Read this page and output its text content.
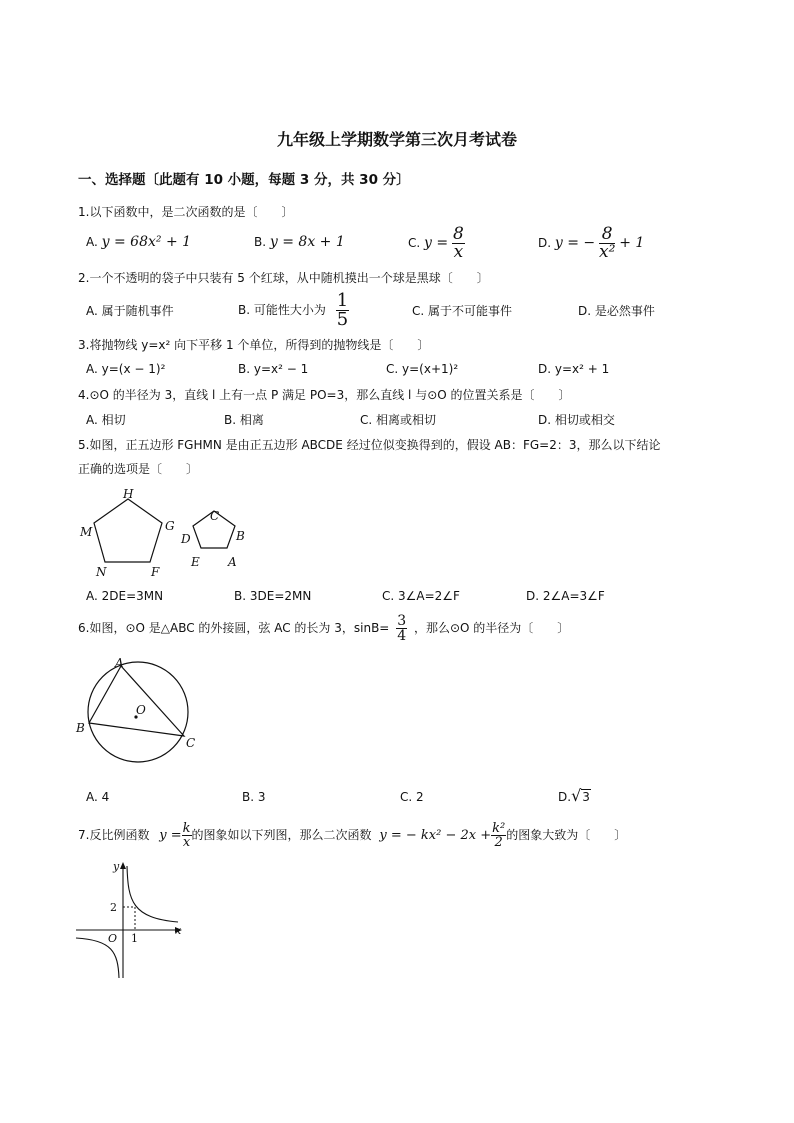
九年级上学期数学第三次月考试卷
一、选择题〔此题有 10 小题，每题 3 分，共 30 分〕
1.以下函数中，是二次函数的是〔　　〕
A. y = 68x² + 1	B. y = 8x + 1	C. $y = \frac{8}{x}$	D. y = − $\frac{8}{\text{x²}} + 1$
2.一个不透明的袋子中只装有 5 个红球，从中随机摸出一个球是黑球〔　　〕
A. 属于随机事件	B. 可能性大小为 $\frac{1}{5}$	C. 属于不可能事件	D. 是必然事件
3.将抛物线 y=x² 向下平移 1 个单位，所得到的抛物线是〔　　〕
A. y=(x − 1)²	B. y=x² − 1	C. y=(x+1)²	D. y=x² + 1
4.⊙O 的半径为 3，直线 l 上有一点 P 满足 PO=3，那么直线 l 与⊙O 的位置关系是〔　　〕
A. 相切	B. 相离	C. 相离或相切	D. 相切或相交
5.如图，正五边形 FGHMN 是由正五边形 ABCDE 经过位似变换得到的，假设 AB：FG=2：3，那么以下结论
正确的选项是〔　　〕
H
G
F
N
M
C
B
A
E
D
A. 2DE=3MN	B. 3DE=2MN	C. 3∠A=2∠F	D. 2∠A=3∠F
6.如图，⊙O 是△ABC 的外接圆，弦 AC 的长为 3，$\sin B= \frac{3}{4}$ ，那么⊙O 的半径为〔　　〕
A
B
C
O
A. 4	B. 3	C. 2	D.√3
7.反比例函数 $y = \frac{k}{x}$ 的图象如以下列图，那么二次函数 y = − $kx^2 - 2x + \frac{\text{k²}}{2}$ 的图象大致为〔　　〕
y
x
O
2
1
